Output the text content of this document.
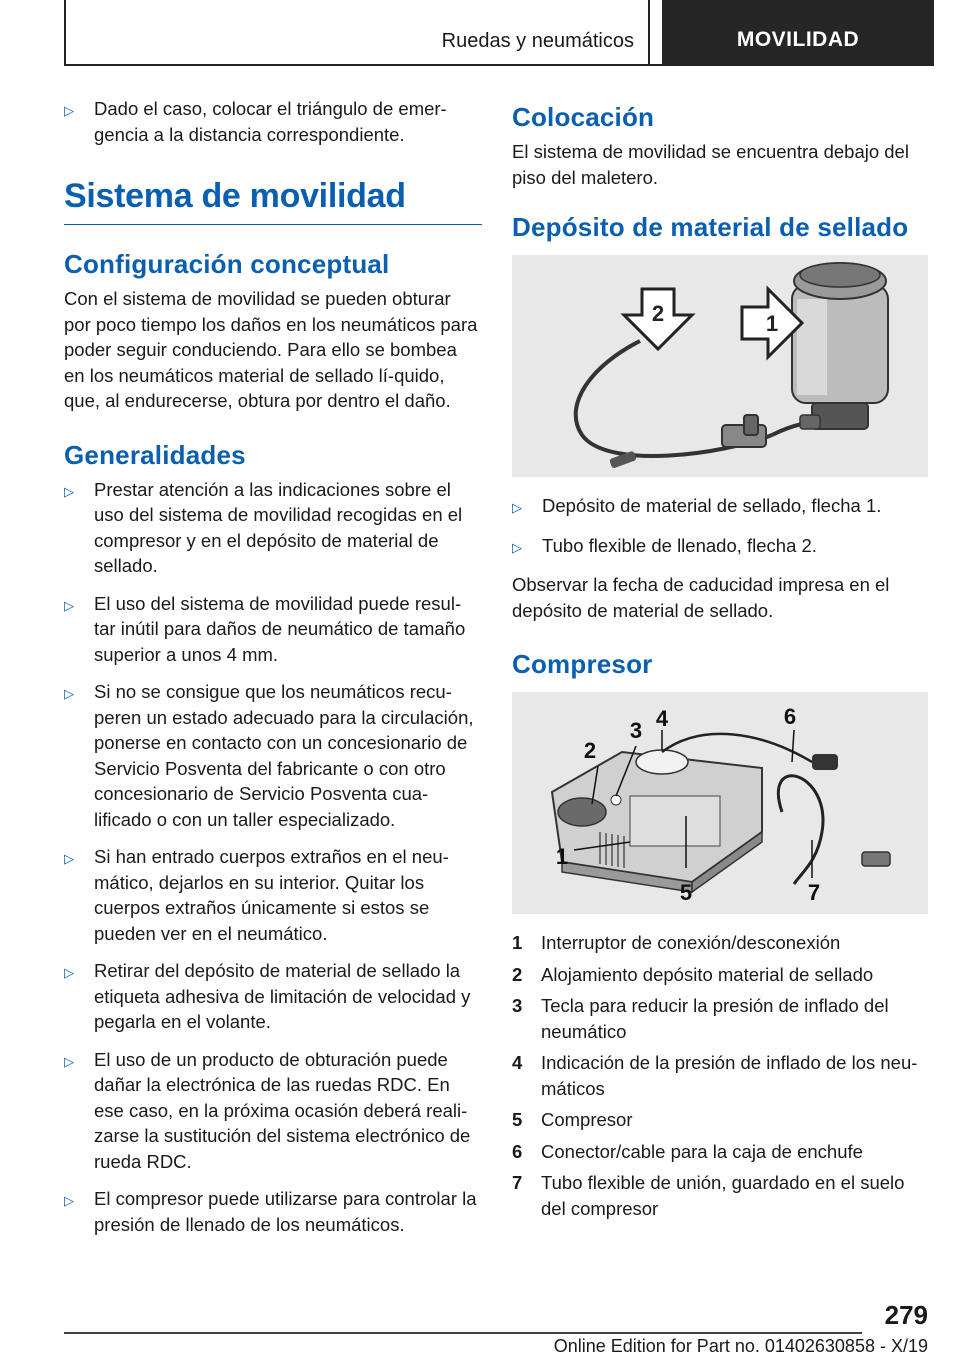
Ruedas y neumáticos	MOVILIDAD
▷	Dado el caso, colocar el triángulo de emer-gencia a la distancia correspondiente.
Sistema de movilidad
Configuración conceptual
Con el sistema de movilidad se pueden obturar por poco tiempo los daños en los neumáticos para poder seguir conduciendo. Para ello se bombea en los neumáticos material de sellado lí-quido, que, al endurecerse, obtura por dentro el daño.
Generalidades
▷	Prestar atención a las indicaciones sobre el uso del sistema de movilidad recogidas en el compresor y en el depósito de material de sellado.
▷	El uso del sistema de movilidad puede resul-tar inútil para daños de neumático de tamaño superior a unos 4 mm.
▷	Si no se consigue que los neumáticos recu-peren un estado adecuado para la circulación, ponerse en contacto con un concesionario de Servicio Posventa del fabricante o con otro concesionario de Servicio Posventa cua-lificado o con un taller especializado.
▷	Si han entrado cuerpos extraños en el neu-mático, dejarlos en su interior. Quitar los cuerpos extraños únicamente si estos se pueden ver en el neumático.
▷	Retirar del depósito de material de sellado la etiqueta adhesiva de limitación de velocidad y pegarla en el volante.
▷	El uso de un producto de obturación puede dañar la electrónica de las ruedas RDC. En ese caso, en la próxima ocasión deberá reali-zarse la sustitución del sistema electrónico de rueda RDC.
▷	El compresor puede utilizarse para controlar la presión de llenado de los neumáticos.
Colocación
El sistema de movilidad se encuentra debajo del piso del maletero.
Depósito de material de sellado
2	1
▷	Depósito de material de sellado, flecha 1.
▷	Tubo flexible de llenado, flecha 2.
Observar la fecha de caducidad impresa en el depósito de material de sellado.
Compresor
1
2
3 4
5
6
7
1	Interruptor de conexión/desconexión
2	Alojamiento depósito material de sellado
3	Tecla para reducir la presión de inflado del neumático
4	Indicación de la presión de inflado de los neu-máticos
5	Compresor
6	Conector/cable para la caja de enchufe
7	Tubo flexible de unión, guardado en el suelo del compresor
279
Online Edition for Part no. 01402630858 - X/19
